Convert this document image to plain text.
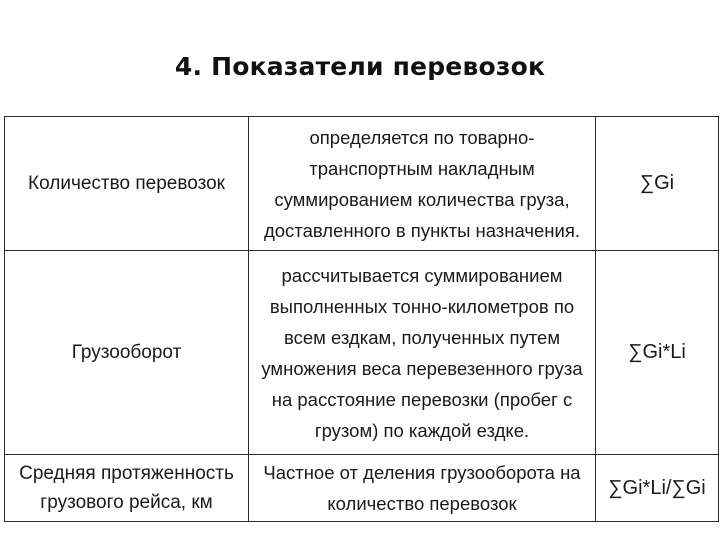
4. Показатели перевозок
Количество перевозок	определяется по товарно-транспортным накладным суммированием количества груза, доставленного в пункты назначения.	∑Gi
Грузооборот	рассчитывается суммированием выполненных тонно-километров по всем ездкам, полученных путем умножения веса перевезенного груза на расстояние перевозки (пробег с грузом) по каждой ездке.	∑Gi*Li
Средняя протяженность грузового рейса, км	Частное от деления грузооборота на количество перевозок	∑Gi*Li/∑Gi
